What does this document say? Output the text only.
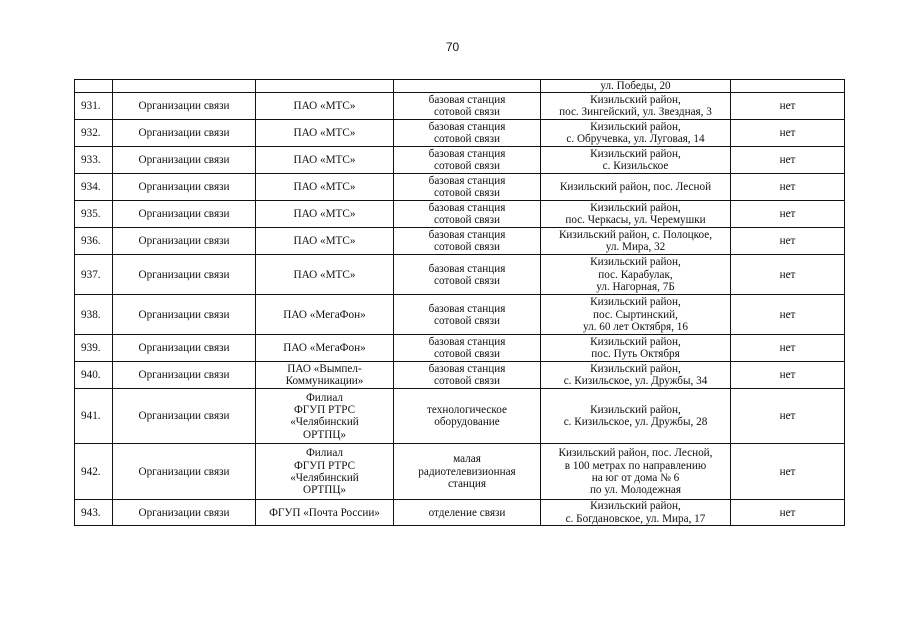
70
				ул. Победы, 20	
931.	Организации связи	ПАО «МТС»	базовая станция
сотовой связи	Кизильский район,
пос. Зингейский, ул. Звездная, 3	нет
932.	Организации связи	ПАО «МТС»	базовая станция
сотовой связи	Кизильский район,
с. Обручевка, ул. Луговая, 14	нет
933.	Организации связи	ПАО «МТС»	базовая станция
сотовой связи	Кизильский район,
с. Кизильское	нет
934.	Организации связи	ПАО «МТС»	базовая станция
сотовой связи	Кизильский район, пос. Лесной	нет
935.	Организации связи	ПАО «МТС»	базовая станция
сотовой связи	Кизильский район,
пос. Черкасы, ул. Черемушки	нет
936.	Организации связи	ПАО «МТС»	базовая станция
сотовой связи	Кизильский район, с. Полоцкое,
ул. Мира, 32	нет
937.	Организации связи	ПАО «МТС»	базовая станция
сотовой связи	Кизильский район,
пос. Карабулак,
ул. Нагорная, 7Б	нет
938.	Организации связи	ПАО «МегаФон»	базовая станция
сотовой связи	Кизильский район,
пос. Сыртинский,
ул. 60 лет Октября, 16	нет
939.	Организации связи	ПАО «МегаФон»	базовая станция
сотовой связи	Кизильский район,
пос. Путь Октября	нет
940.	Организации связи	ПАО «Вымпел-
Коммуникации»	базовая станция
сотовой связи	Кизильский район,
с. Кизильское, ул. Дружбы, 34	нет
941.	Организации связи	Филиал
ФГУП РТРС
«Челябинский
ОРТПЦ»	технологическое
оборудование	Кизильский район,
с. Кизильское, ул. Дружбы, 28	нет
942.	Организации связи	Филиал
ФГУП РТРС
«Челябинский
ОРТПЦ»	малая
радиотелевизионная
станция	Кизильский район, пос. Лесной,
в 100 метрах по направлению
на юг от дома № 6
по ул. Молодежная	нет
943.	Организации связи	ФГУП «Почта России»	отделение связи	Кизильский район,
с. Богдановское, ул. Мира, 17	нет
